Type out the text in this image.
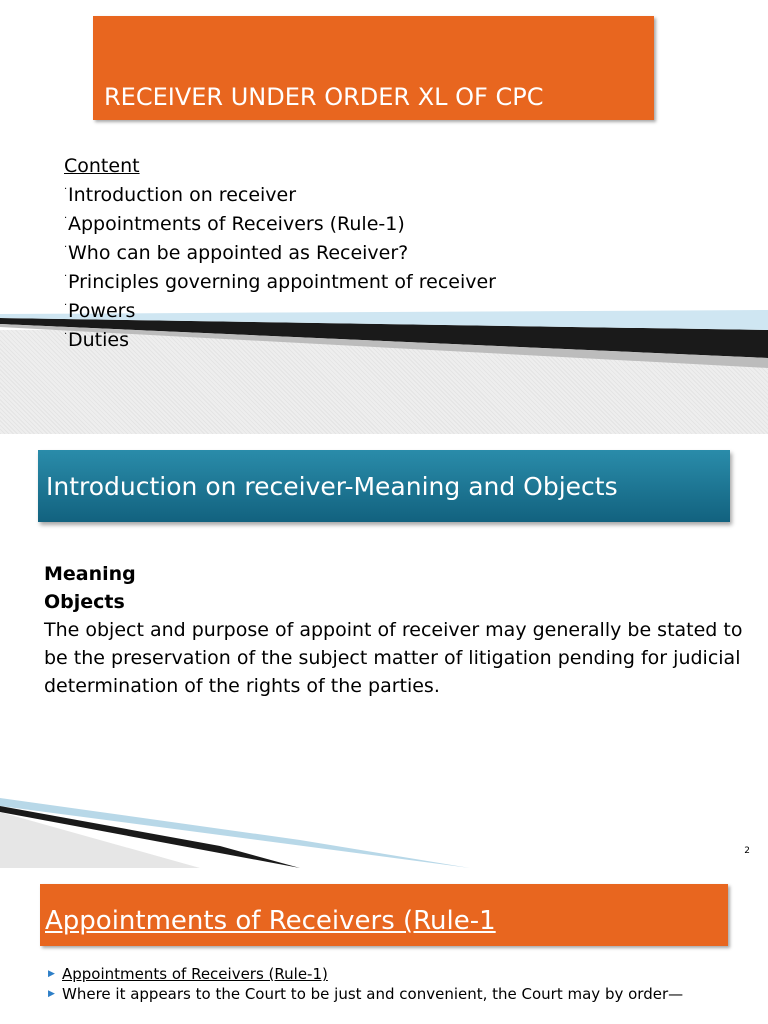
RECEIVER UNDER ORDER XL OF CPC
Content
·Introduction on receiver
·Appointments of Receivers (Rule-1)
·Who can be appointed as Receiver?
·Principles governing appointment of receiver
·Powers
·Duties
Introduction on receiver-Meaning and Objects
Meaning
Objects
The object and purpose of appoint of receiver may generally be stated to be the preservation of the subject matter of litigation pending for judicial determination of the rights of the parties.
2
Appointments of Receivers (Rule-1
▶ Appointments of Receivers (Rule-1)
▶ Where it appears to the Court to be just and convenient, the Court may by order—
